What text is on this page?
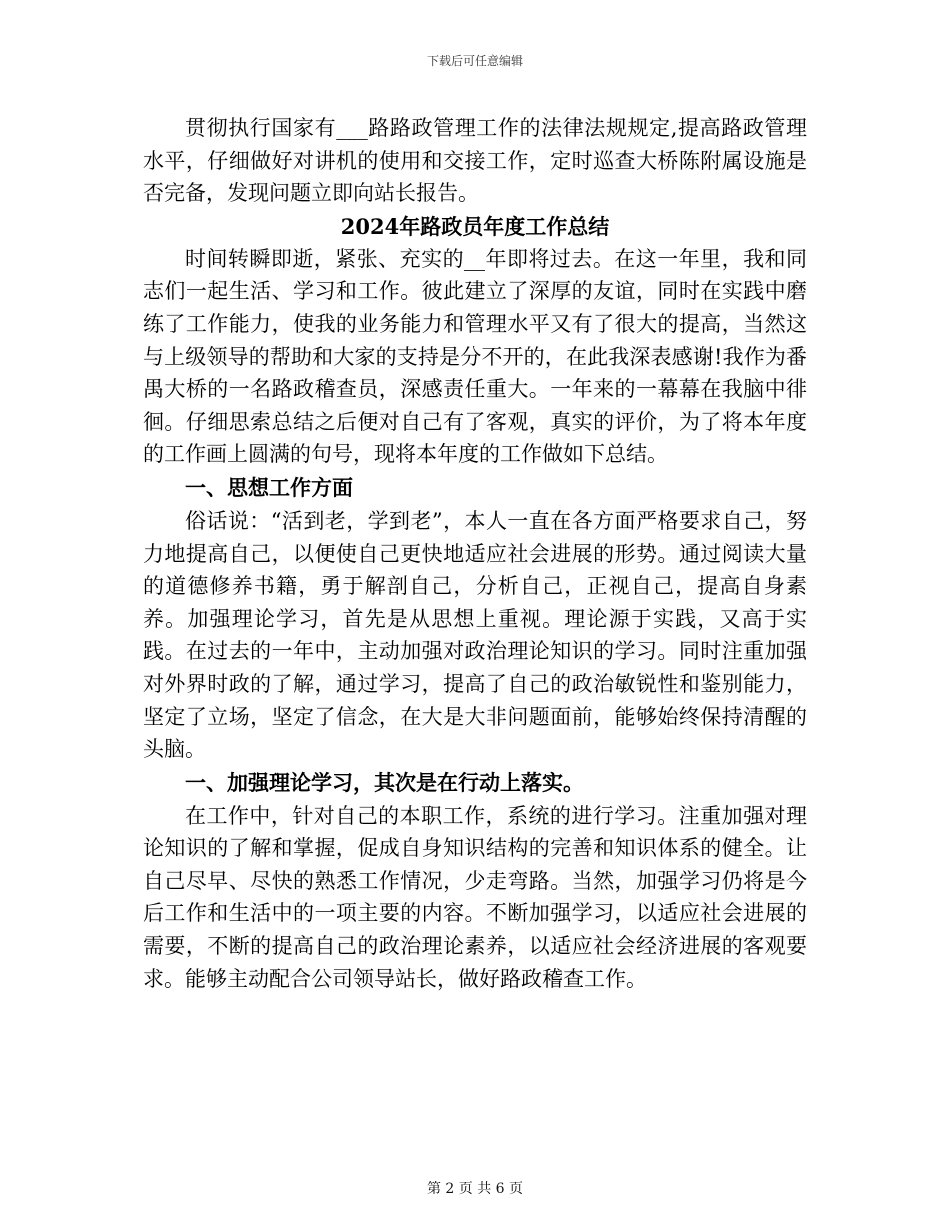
下载后可任意编辑

贯彻执行国家有___路路政管理工作的法律法规规定,提高路政管理水平，仔细做好对讲机的使用和交接工作，定时巡查大桥陈附属设施是否完备，发现问题立即向站长报告。

2024年路政员年度工作总结

时间转瞬即逝，紧张、充实的__年即将过去。在这一年里，我和同志们一起生活、学习和工作。彼此建立了深厚的友谊，同时在实践中磨练了工作能力，使我的业务能力和管理水平又有了很大的提高，当然这与上级领导的帮助和大家的支持是分不开的，在此我深表感谢!我作为番禺大桥的一名路政稽查员，深感责任重大。一年来的一幕幕在我脑中徘徊。仔细思索总结之后便对自己有了客观，真实的评价，为了将本年度的工作画上圆满的句号，现将本年度的工作做如下总结。

一、思想工作方面

俗话说：“活到老，学到老”，本人一直在各方面严格要求自己，努力地提高自己，以便使自己更快地适应社会进展的形势。通过阅读大量的道德修养书籍，勇于解剖自己，分析自己，正视自己，提高自身素养。加强理论学习，首先是从思想上重视。理论源于实践，又高于实践。在过去的一年中，主动加强对政治理论知识的学习。同时注重加强对外界时政的了解，通过学习，提高了自己的政治敏锐性和鉴别能力，坚定了立场，坚定了信念，在大是大非问题面前，能够始终保持清醒的头脑。

一、加强理论学习，其次是在行动上落实。

在工作中，针对自己的本职工作，系统的进行学习。注重加强对理论知识的了解和掌握，促成自身知识结构的完善和知识体系的健全。让自己尽早、尽快的熟悉工作情况，少走弯路。当然，加强学习仍将是今后工作和生活中的一项主要的内容。不断加强学习，以适应社会进展的需要，不断的提高自己的政治理论素养，以适应社会经济进展的客观要求。能够主动配合公司领导站长，做好路政稽查工作。

第 2 页 共 6 页
